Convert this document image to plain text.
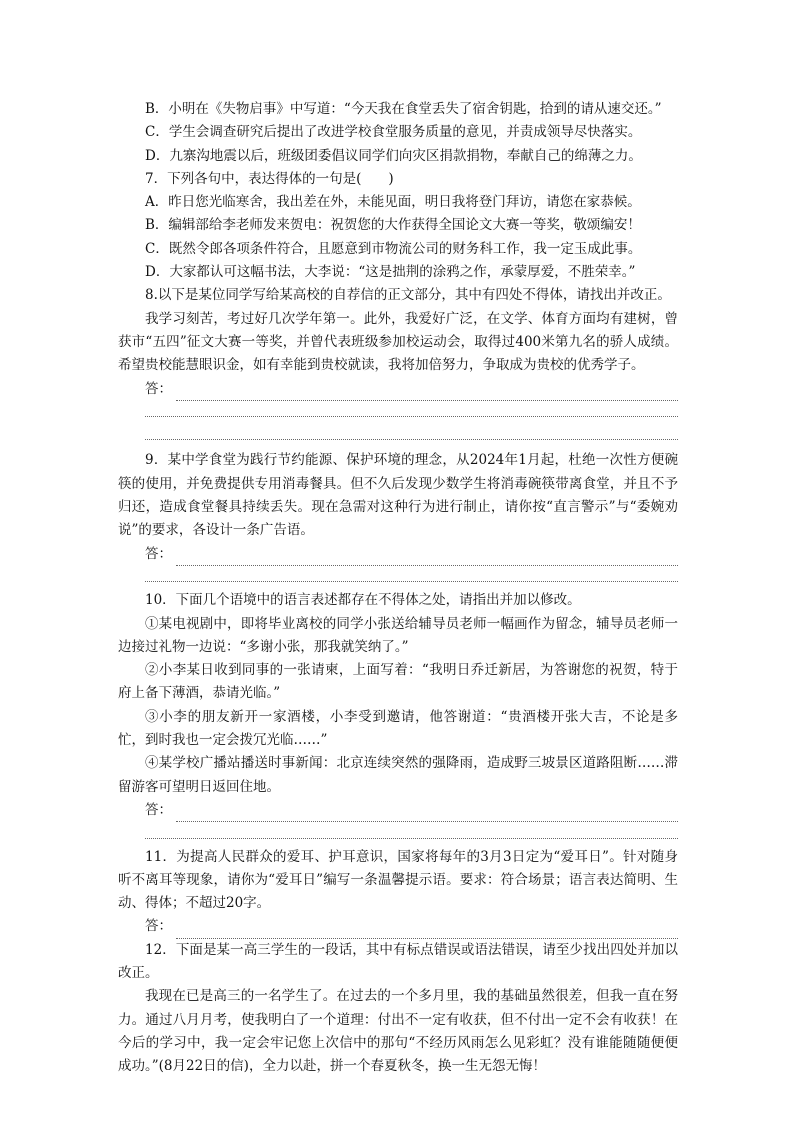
B．小明在《失物启事》中写道：“今天我在食堂丢失了宿舍钥匙，拾到的请从速交还。”

C．学生会调查研究后提出了改进学校食堂服务质量的意见，并责成领导尽快落实。

D．九寨沟地震以后，班级团委倡议同学们向灾区捐款捐物，奉献自己的绵薄之力。

7．下列各句中，表达得体的一句是(　　)

A．昨日您光临寒舍，我出差在外，未能见面，明日我将登门拜访，请您在家恭候。

B．编辑部给李老师发来贺电：祝贺您的大作获得全国论文大赛一等奖，敬颂编安！

C．既然令郎各项条件符合，且愿意到市物流公司的财务科工作，我一定玉成此事。

D．大家都认可这幅书法，大李说：“这是拙荆的涂鸦之作，承蒙厚爱，不胜荣幸。”

8.以下是某位同学写给某高校的自荐信的正文部分，其中有四处不得体，请找出并改正。

我学习刻苦，考过好几次学年第一。此外，我爱好广泛，在文学、体育方面均有建树，曾获市“五四”征文大赛一等奖，并曾代表班级参加校运动会，取得过400米第九名的骄人成绩。希望贵校能慧眼识金，如有幸能到贵校就读，我将加倍努力，争取成为贵校的优秀学子。

答：

9．某中学食堂为践行节约能源、保护环境的理念，从2024年1月起，杜绝一次性方便碗筷的使用，并免费提供专用消毒餐具。但不久后发现少数学生将消毒碗筷带离食堂，并且不予归还，造成食堂餐具持续丢失。现在急需对这种行为进行制止，请你按“直言警示”与“委婉劝说”的要求，各设计一条广告语。

答：

10．下面几个语境中的语言表述都存在不得体之处，请指出并加以修改。

①某电视剧中，即将毕业离校的同学小张送给辅导员老师一幅画作为留念，辅导员老师一边接过礼物一边说：“多谢小张，那我就笑纳了。”

②小李某日收到同事的一张请柬，上面写着：“我明日乔迁新居，为答谢您的祝贺，特于府上备下薄酒，恭请光临。”

③小李的朋友新开一家酒楼，小李受到邀请，他答谢道：“贵酒楼开张大吉，不论是多忙，到时我也一定会拨冗光临……”

④某学校广播站播送时事新闻：北京连续突然的强降雨，造成野三坡景区道路阻断……滞留游客可望明日返回住地。

答：

11．为提高人民群众的爱耳、护耳意识，国家将每年的3月3日定为“爱耳日”。针对随身听不离耳等现象，请你为“爱耳日”编写一条温馨提示语。要求：符合场景；语言表达简明、生动、得体；不超过20字。

答：

12．下面是某一高三学生的一段话，其中有标点错误或语法错误，请至少找出四处并加以改正。

我现在已是高三的一名学生了。在过去的一个多月里，我的基础虽然很差，但我一直在努力。通过八月月考，使我明白了一个道理：付出不一定有收获，但不付出一定不会有收获！在今后的学习中，我一定会牢记您上次信中的那句“不经历风雨怎么见彩虹？没有谁能随随便便成功。”(8月22日的信)，全力以赴，拼一个春夏秋冬，换一生无怨无悔！
